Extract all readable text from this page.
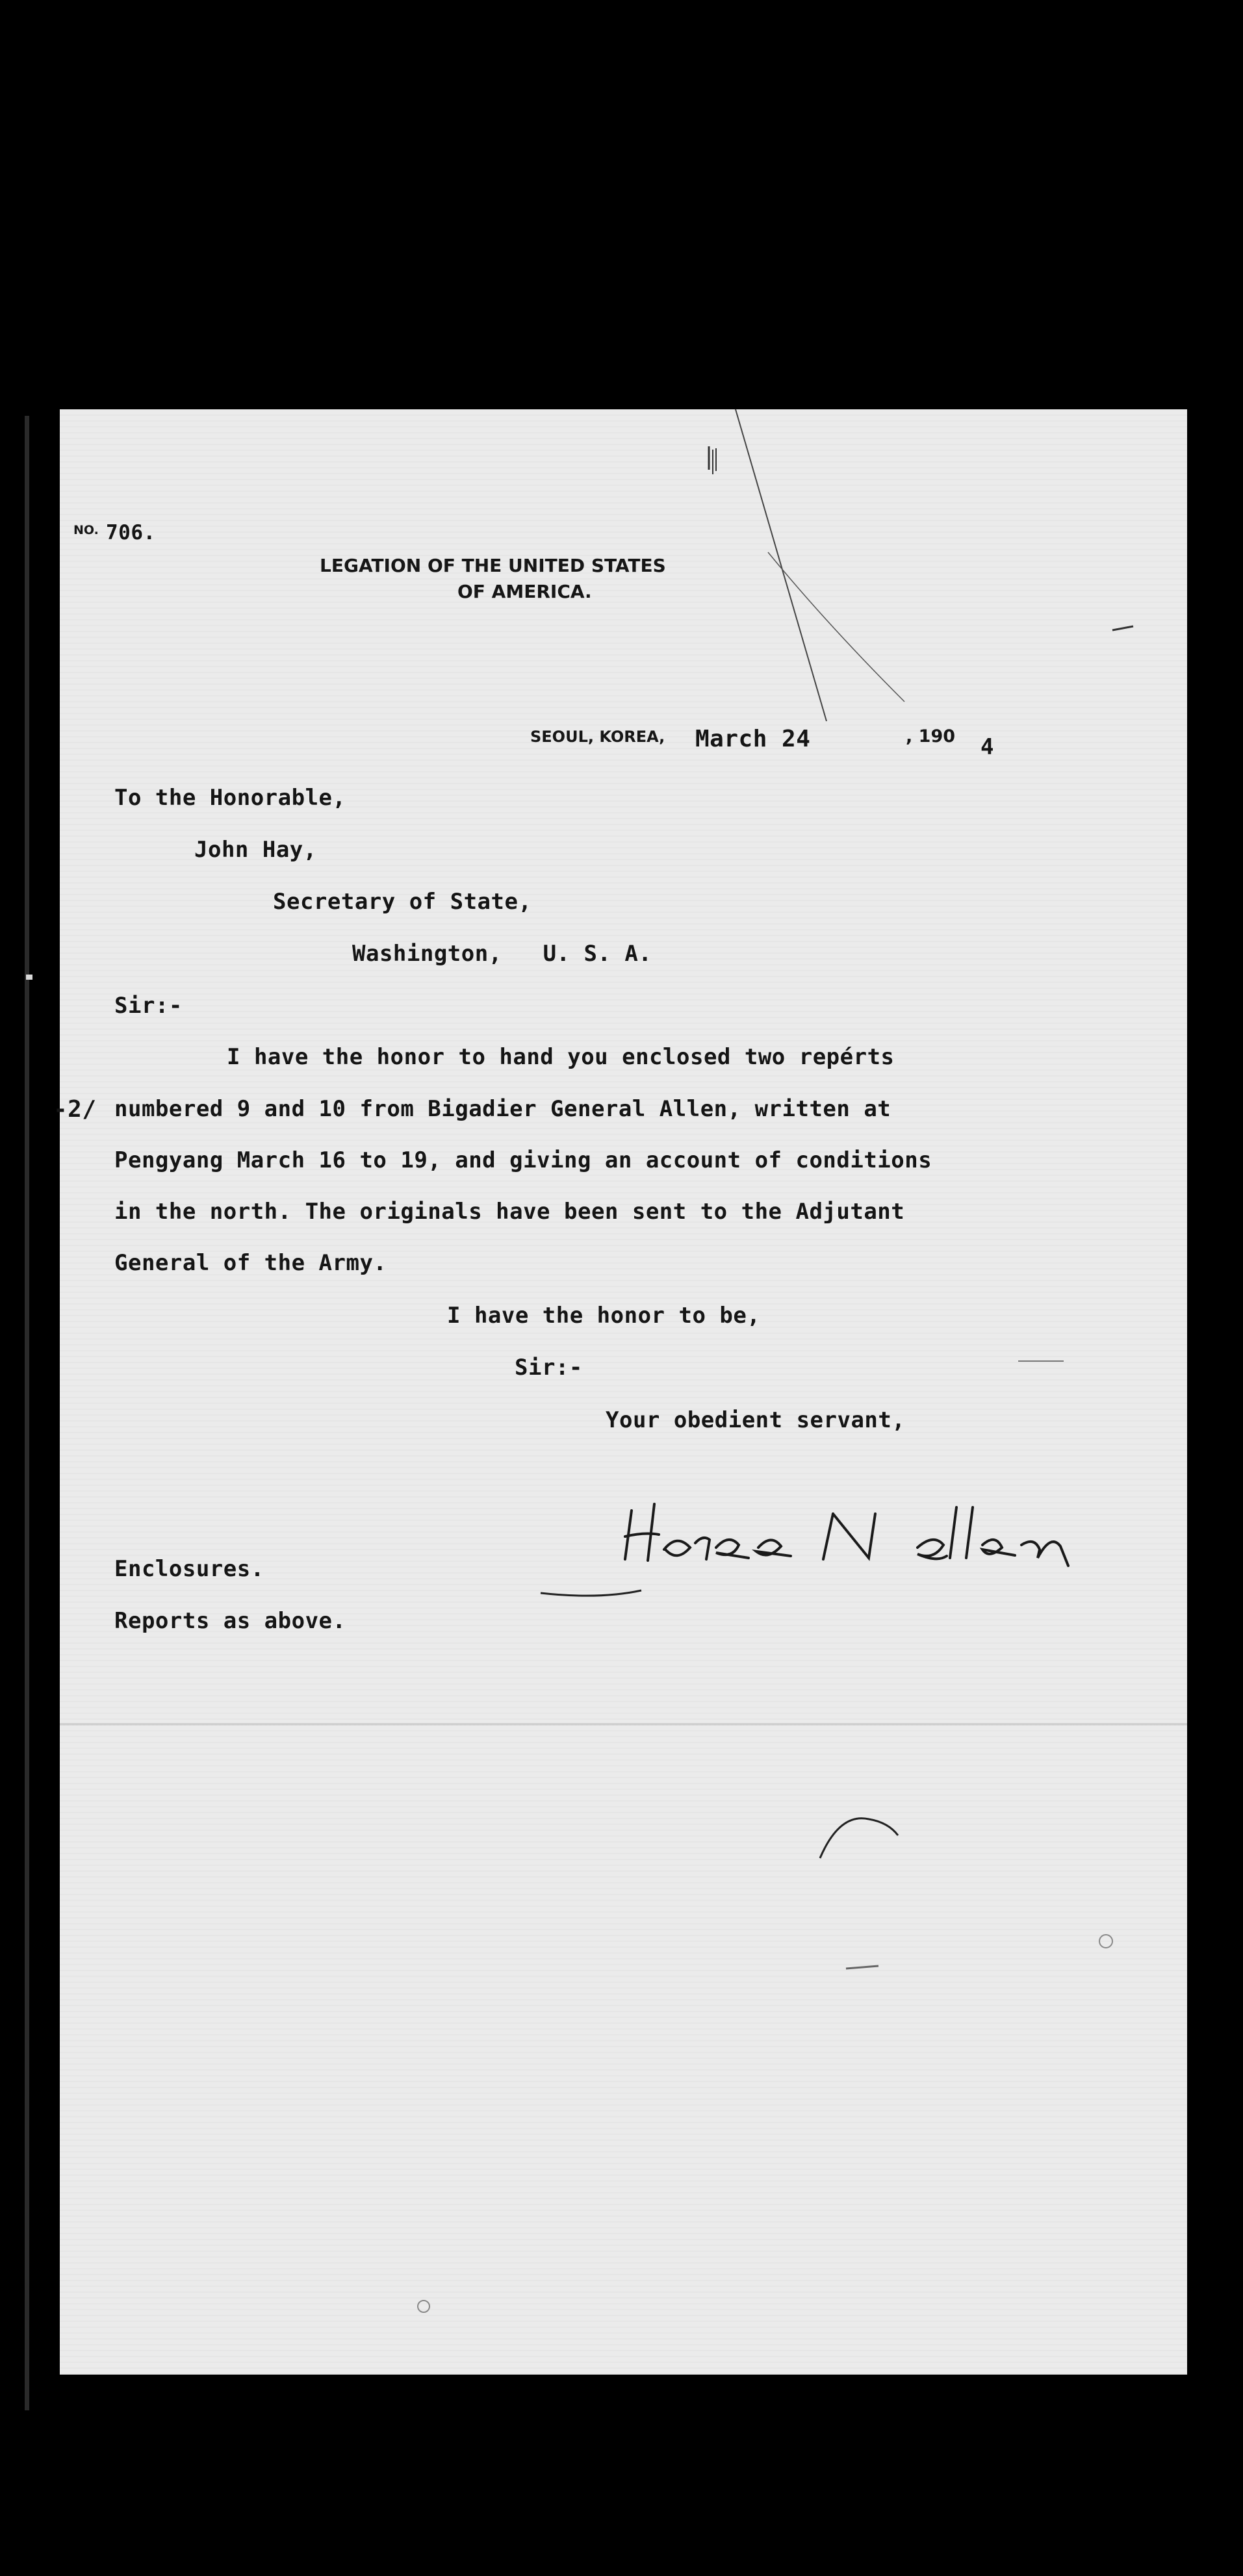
NO. 706.
LEGATION OF THE UNITED STATES
OF AMERICA.
SEOUL, KOREA, March 24	, 190 4
To the Honorable,
John Hay,
Secretary of State,
Washington,   U. S. A.
Sir:-
I have the honor to hand you enclosed two repérts
-2/ numbered 9 and 10 from Bigadier General Allen, written at
Pengyang March 16 to 19, and giving an account of conditions
in the north. The originals have been sent to the Adjutant
General of the Army.
I have the honor to be,
Sir:-
Your obedient servant,
Enclosures.
Reports as above.
